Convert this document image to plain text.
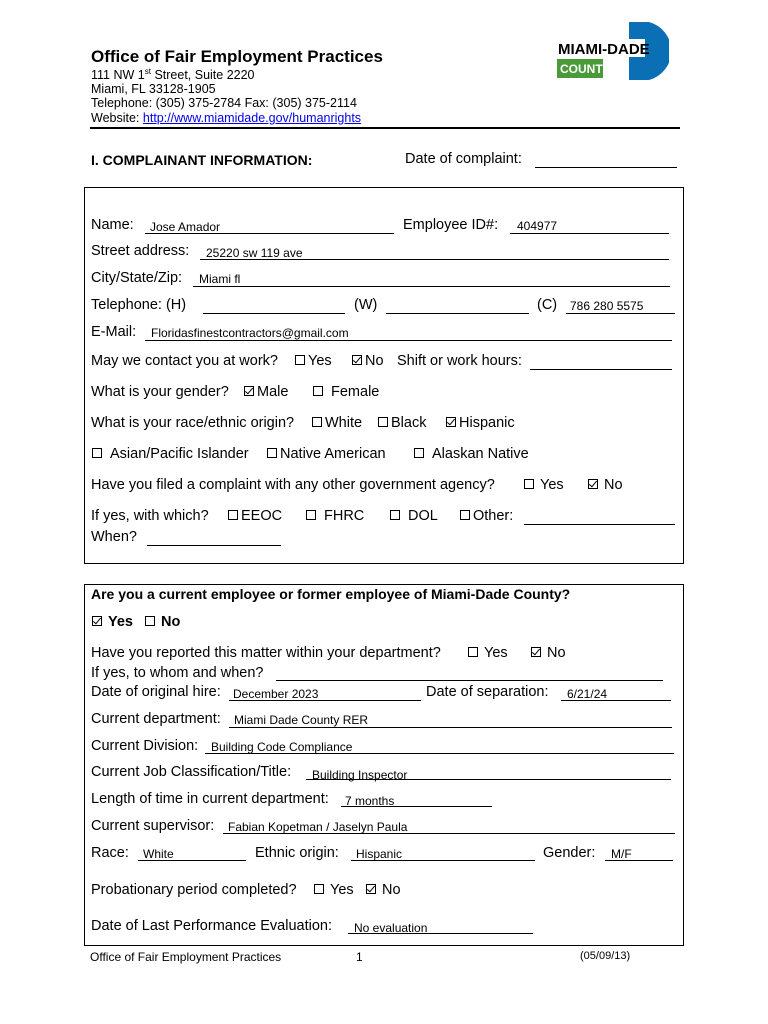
Office of Fair Employment Practices
111 NW 1st Street, Suite 2220
Miami, FL 33128-1905
Telephone: (305) 375-2784 Fax: (305) 375-2114
Website: http://www.miamidade.gov/humanrights
MIAMI-DADE
COUNTY
I. COMPLAINANT INFORMATION:	Date of complaint:
Name: Jose Amador	Employee ID#: 404977
Street address: 25220 sw 119 ave
City/State/Zip: Miami fl
Telephone: (H)	(W)	(C) 786 280 5575
E-Mail: Floridasfinestcontractors@gmail.com
May we contact you at work?	Yes	No Shift or work hours:
What is your gender?	Male	Female
What is your race/ethnic origin?	White	Black	Hispanic
Asian/Pacific Islander	Native American	Alaskan Native
Have you filed a complaint with any other government agency?	Yes	No
If yes, with which?	EEOC	FHRC	DOL	Other:
When?
Are you a current employee or former employee of Miami-Dade County?
Yes	No
Have you reported this matter within your department?	Yes	No
If yes, to whom and when?
Date of original hire: December 2023	Date of separation: 6/21/24
Current department: Miami Dade County RER
Current Division: Building Code Compliance
Current Job Classification/Title: Building Inspector
Length of time in current department: 7 months
Current supervisor: Fabian Kopetman / Jaselyn Paula
Race: White	Ethnic origin: Hispanic	Gender: M/F
Probationary period completed?	Yes	No
Date of Last Performance Evaluation: No evaluation
Office of Fair Employment Practices	1	(05/09/13)
